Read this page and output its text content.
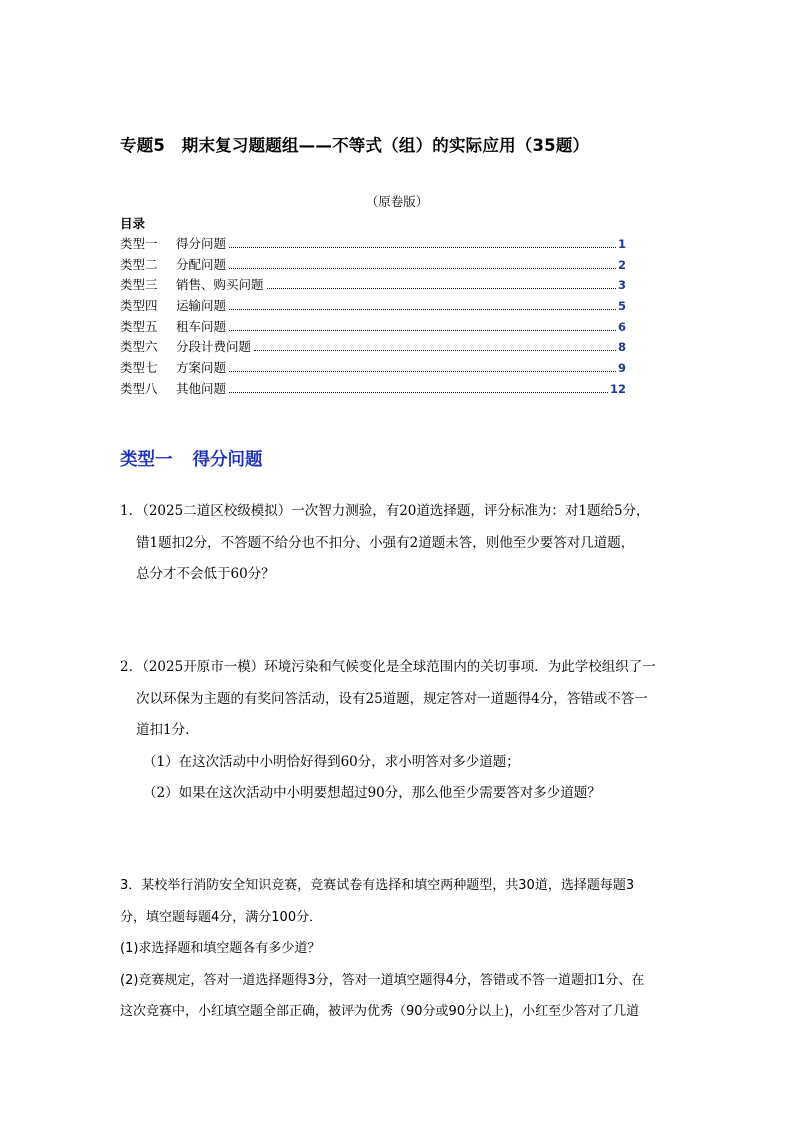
专题5　期末复习题题组——不等式（组）的实际应用（35题）
（原卷版）
目录
类型一	得分问题	1
类型二	分配问题	2
类型三	销售、购买问题	3
类型四	运输问题	5
类型五	租车问题	6
类型六	分段计费问题	8
类型七	方案问题	9
类型八	其他问题	12
类型一 得分问题
1．（2025二道区校级模拟）一次智力测验，有20道选择题，评分标准为：对1题给5分，
错1题扣2分，不答题不给分也不扣分、小强有2道题未答，则他至少要答对几道题，
总分才不会低于60分？
2．（2025开原市一模）环境污染和气候变化是全球范围内的关切事项．为此学校组织了一
次以环保为主题的有奖问答活动，设有25道题，规定答对一道题得4分，答错或不答一
道扣1分．
（1）在这次活动中小明恰好得到60分，求小明答对多少道题；
（2）如果在这次活动中小明要想超过90分，那么他至少需要答对多少道题？
3．某校举行消防安全知识竞赛，竞赛试卷有选择和填空两种题型，共30道，选择题每题3
分，填空题每题4分，满分100分．
(1)求选择题和填空题各有多少道？
(2)竞赛规定，答对一道选择题得3分，答对一道填空题得4分，答错或不答一道题扣1分、在
这次竞赛中，小红填空题全部正确，被评为优秀（90分或90分以上)，小红至少答对了几道
